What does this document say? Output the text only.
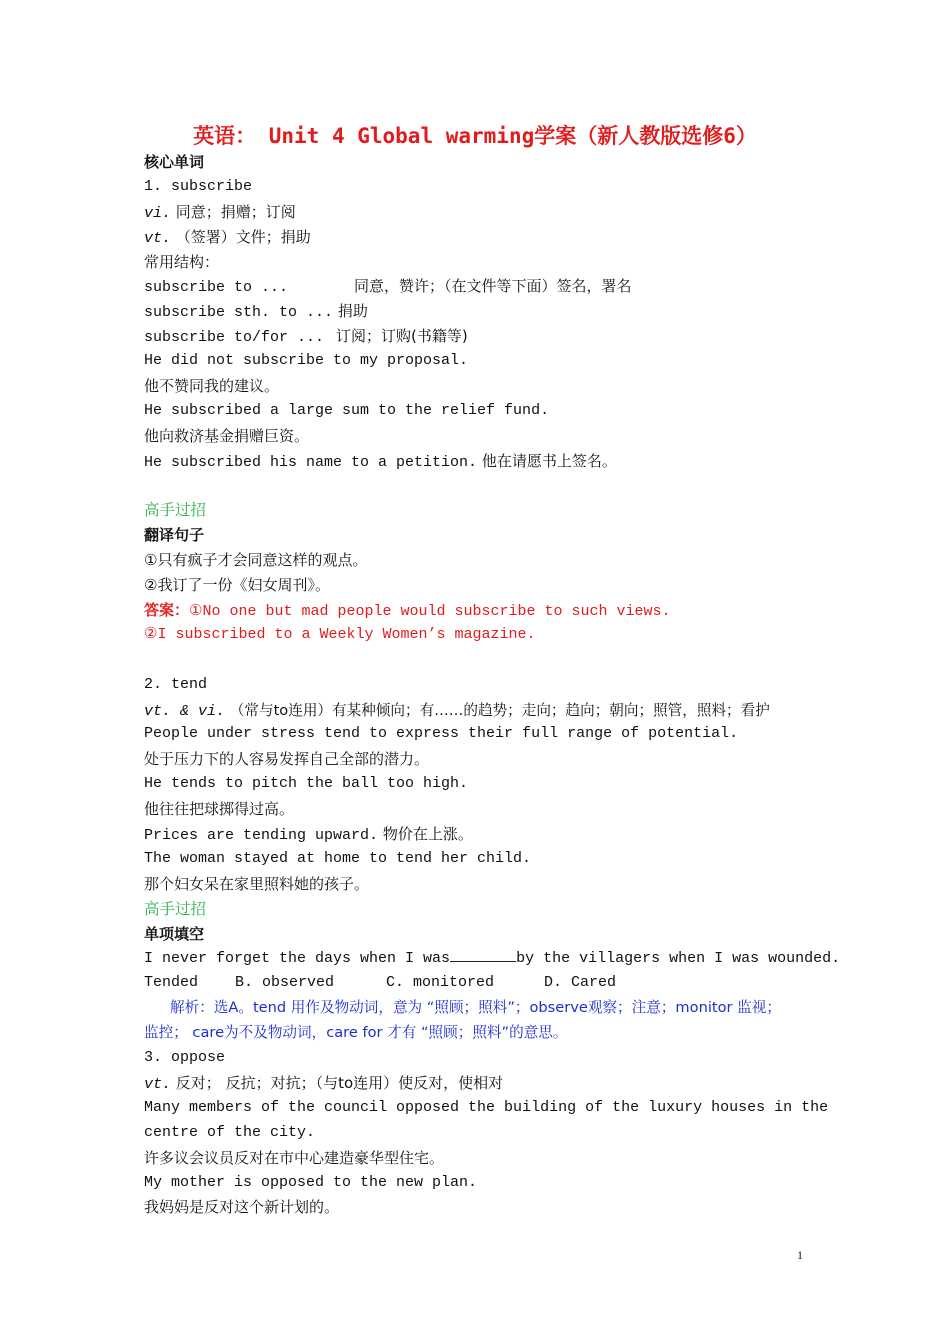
英语： Unit 4 Global warming学案（新人教版选修6）
核心单词
1. subscribe
vi. 同意；捐赠；订阅
vt. （签署）文件；捐助
常用结构：
subscribe to ...	同意，赞许；（在文件等下面）签名，署名
subscribe sth. to ... 捐助
subscribe to/for ... 订阅；订购(书籍等)
He did not subscribe to my proposal.
他不赞同我的建议。
He subscribed a large sum to the relief fund.
他向救济基金捐赠巨资。
He subscribed his name to a petition. 他在请愿书上签名。
高手过招
翻译句子
①只有疯子才会同意这样的观点。
②我订了一份《妇女周刊》。
答案：①No one but mad people would subscribe to such views.
②I subscribed to a Weekly Women’s magazine.
2. tend
vt. & vi. （常与to连用）有某种倾向；有……的趋势；走向；趋向；朝向；照管，照料；看护
People under stress tend to express their full range of potential.
处于压力下的人容易发挥自己全部的潜力。
He tends to pitch the ball too high.
他往往把球掷得过高。
Prices are tending upward. 物价在上涨。
The woman stayed at home to tend her child.
那个妇女呆在家里照料她的孩子。
高手过招
单项填空
I never forget the days when I was	by the villagers when I was wounded.
Tended B. observed	C. monitored	D. Cared
解析：选A。tend 用作及物动词，意为 “照顾；照料”；observe观察；注意；monitor 监视；
监控； care为不及物动词，care for 才有 “照顾；照料”的意思。
3. oppose
vt. 反对； 反抗；对抗；（与to连用）使反对，使相对
Many members of the council opposed the building of the luxury houses in the
centre of the city.
许多议会议员反对在市中心建造豪华型住宅。
My mother is opposed to the new plan.
我妈妈是反对这个新计划的。
1
